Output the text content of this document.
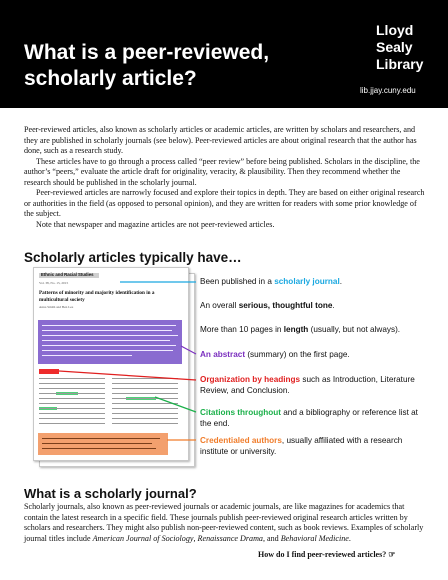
What is a peer-reviewed, scholarly article?
Lloyd
Sealy
Library
lib.jjay.cuny.edu

Peer-reviewed articles, also known as scholarly articles or academic articles, are written by scholars and researchers, and they are published in scholarly journals (see below). Peer-reviewed articles are about original research that the author has done, such as a research study.

These articles have to go through a process called “peer review” before being published. Scholars in the discipline, the author’s “peers,” evaluate the article draft for originality, veracity, & plausibility. Then they recommend whether the research should be published in the scholarly journal.

Peer-reviewed articles are narrowly focused and explore their topics in depth. They are based on either original research or authorities in the field (as opposed to personal opinion), and they are written for readers with some prior knowledge of the subject.

Note that newspaper and magazine articles are not peer-reviewed articles.

Scholarly articles typically have…
Ethnic and Racial Studies
Vol. 38, No. 15, 2015
Patterns of minority and majority identification in a multicultural society
Anna Smith and Ben Lee
Been published in a scholarly journal.
An overall serious, thoughtful tone.
More than 10 pages in length (usually, but not always).
An abstract (summary) on the first page.
Organization by headings such as Introduction, Literature Review, and Conclusion.
Citations throughout and a bibliography or reference list at the end.
Credentialed authors, usually affiliated with a research institute or university.
What is a scholarly journal?

Scholarly journals, also known as peer-reviewed journals or academic journals, are like magazines for academics that contain the latest research in a specific field. These journals publish peer-reviewed original research articles written by scholars and researchers. They might also publish non-peer-reviewed content, such as book reviews. Examples of scholarly journal titles include American Journal of Sociology, Renaissance Drama, and Behavioral Medicine.

How do I find peer-reviewed articles? ☞
